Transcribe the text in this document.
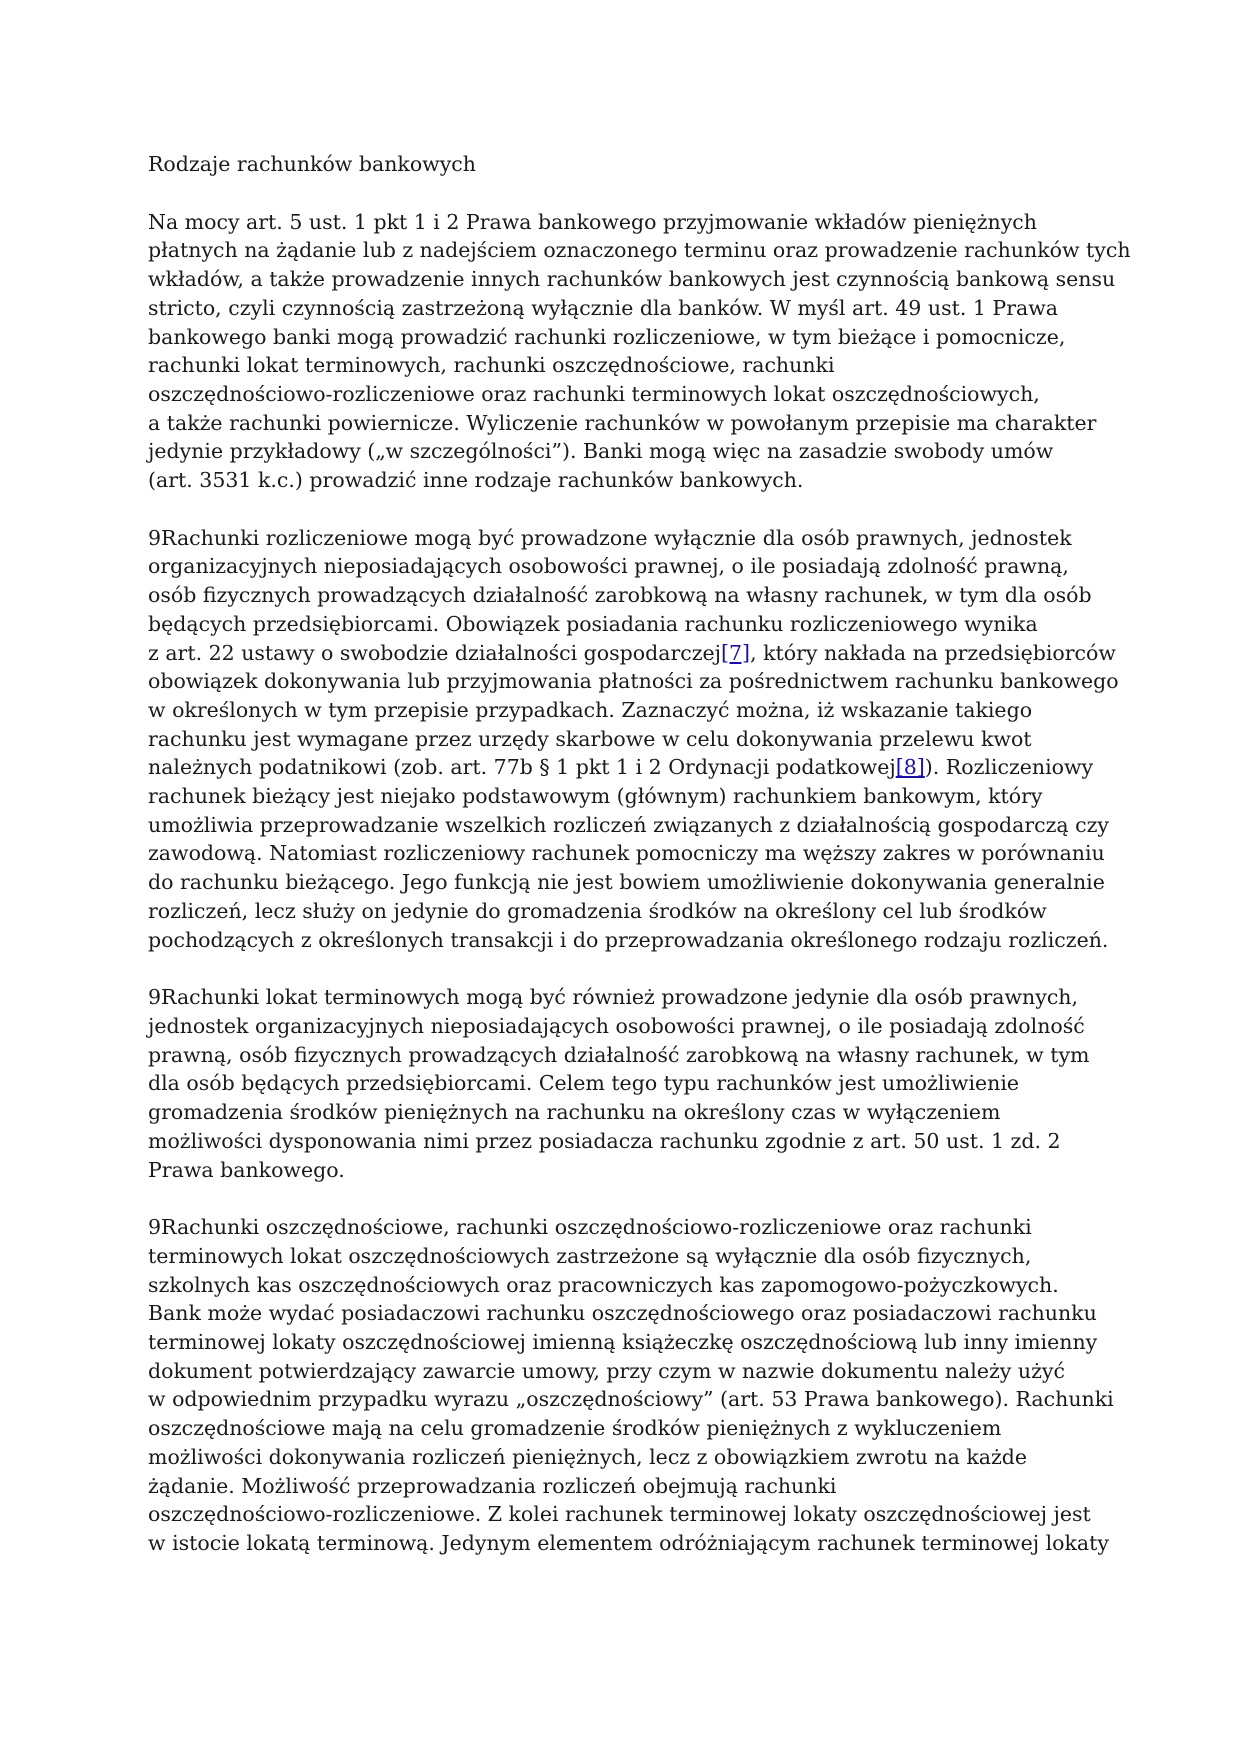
Rodzaje rachunków bankowych

Na mocy art. 5 ust. 1 pkt 1 i 2 Prawa bankowego przyjmowanie wkładów pieniężnych
płatnych na żądanie lub z nadejściem oznaczonego terminu oraz prowadzenie rachunków tych
wkładów, a także prowadzenie innych rachunków bankowych jest czynnością bankową sensu
stricto, czyli czynnością zastrzeżoną wyłącznie dla banków. W myśl art. 49 ust. 1 Prawa
bankowego banki mogą prowadzić rachunki rozliczeniowe, w tym bieżące i pomocnicze,
rachunki lokat terminowych, rachunki oszczędnościowe, rachunki
oszczędnościowo-rozliczeniowe oraz rachunki terminowych lokat oszczędnościowych,
a także rachunki powiernicze. Wyliczenie rachunków w powołanym przepisie ma charakter
jedynie przykładowy („w szczególności”). Banki mogą więc na zasadzie swobody umów
(art. 3531 k.c.) prowadzić inne rodzaje rachunków bankowych.

9Rachunki rozliczeniowe mogą być prowadzone wyłącznie dla osób prawnych, jednostek
organizacyjnych nieposiadających osobowości prawnej, o ile posiadają zdolność prawną,
osób fizycznych prowadzących działalność zarobkową na własny rachunek, w tym dla osób
będących przedsiębiorcami. Obowiązek posiadania rachunku rozliczeniowego wynika
z art. 22 ustawy o swobodzie działalności gospodarczej[7], który nakłada na przedsiębiorców
obowiązek dokonywania lub przyjmowania płatności za pośrednictwem rachunku bankowego
w określonych w tym przepisie przypadkach. Zaznaczyć można, iż wskazanie takiego
rachunku jest wymagane przez urzędy skarbowe w celu dokonywania przelewu kwot
należnych podatnikowi (zob. art. 77b § 1 pkt 1 i 2 Ordynacji podatkowej[8]). Rozliczeniowy
rachunek bieżący jest niejako podstawowym (głównym) rachunkiem bankowym, który
umożliwia przeprowadzanie wszelkich rozliczeń związanych z działalnością gospodarczą czy
zawodową. Natomiast rozliczeniowy rachunek pomocniczy ma węższy zakres w porównaniu
do rachunku bieżącego. Jego funkcją nie jest bowiem umożliwienie dokonywania generalnie
rozliczeń, lecz służy on jedynie do gromadzenia środków na określony cel lub środków
pochodzących z określonych transakcji i do przeprowadzania określonego rodzaju rozliczeń.

9Rachunki lokat terminowych mogą być również prowadzone jedynie dla osób prawnych,
jednostek organizacyjnych nieposiadających osobowości prawnej, o ile posiadają zdolność
prawną, osób fizycznych prowadzących działalność zarobkową na własny rachunek, w tym
dla osób będących przedsiębiorcami. Celem tego typu rachunków jest umożliwienie
gromadzenia środków pieniężnych na rachunku na określony czas w wyłączeniem
możliwości dysponowania nimi przez posiadacza rachunku zgodnie z art. 50 ust. 1 zd. 2
Prawa bankowego.

9Rachunki oszczędnościowe, rachunki oszczędnościowo-rozliczeniowe oraz rachunki
terminowych lokat oszczędnościowych zastrzeżone są wyłącznie dla osób fizycznych,
szkolnych kas oszczędnościowych oraz pracowniczych kas zapomogowo-pożyczkowych.
Bank może wydać posiadaczowi rachunku oszczędnościowego oraz posiadaczowi rachunku
terminowej lokaty oszczędnościowej imienną książeczkę oszczędnościową lub inny imienny
dokument potwierdzający zawarcie umowy, przy czym w nazwie dokumentu należy użyć
w odpowiednim przypadku wyrazu „oszczędnościowy” (art. 53 Prawa bankowego). Rachunki
oszczędnościowe mają na celu gromadzenie środków pieniężnych z wykluczeniem
możliwości dokonywania rozliczeń pieniężnych, lecz z obowiązkiem zwrotu na każde
żądanie. Możliwość przeprowadzania rozliczeń obejmują rachunki
oszczędnościowo-rozliczeniowe. Z kolei rachunek terminowej lokaty oszczędnościowej jest
w istocie lokatą terminową. Jedynym elementem odróżniającym rachunek terminowej lokaty
